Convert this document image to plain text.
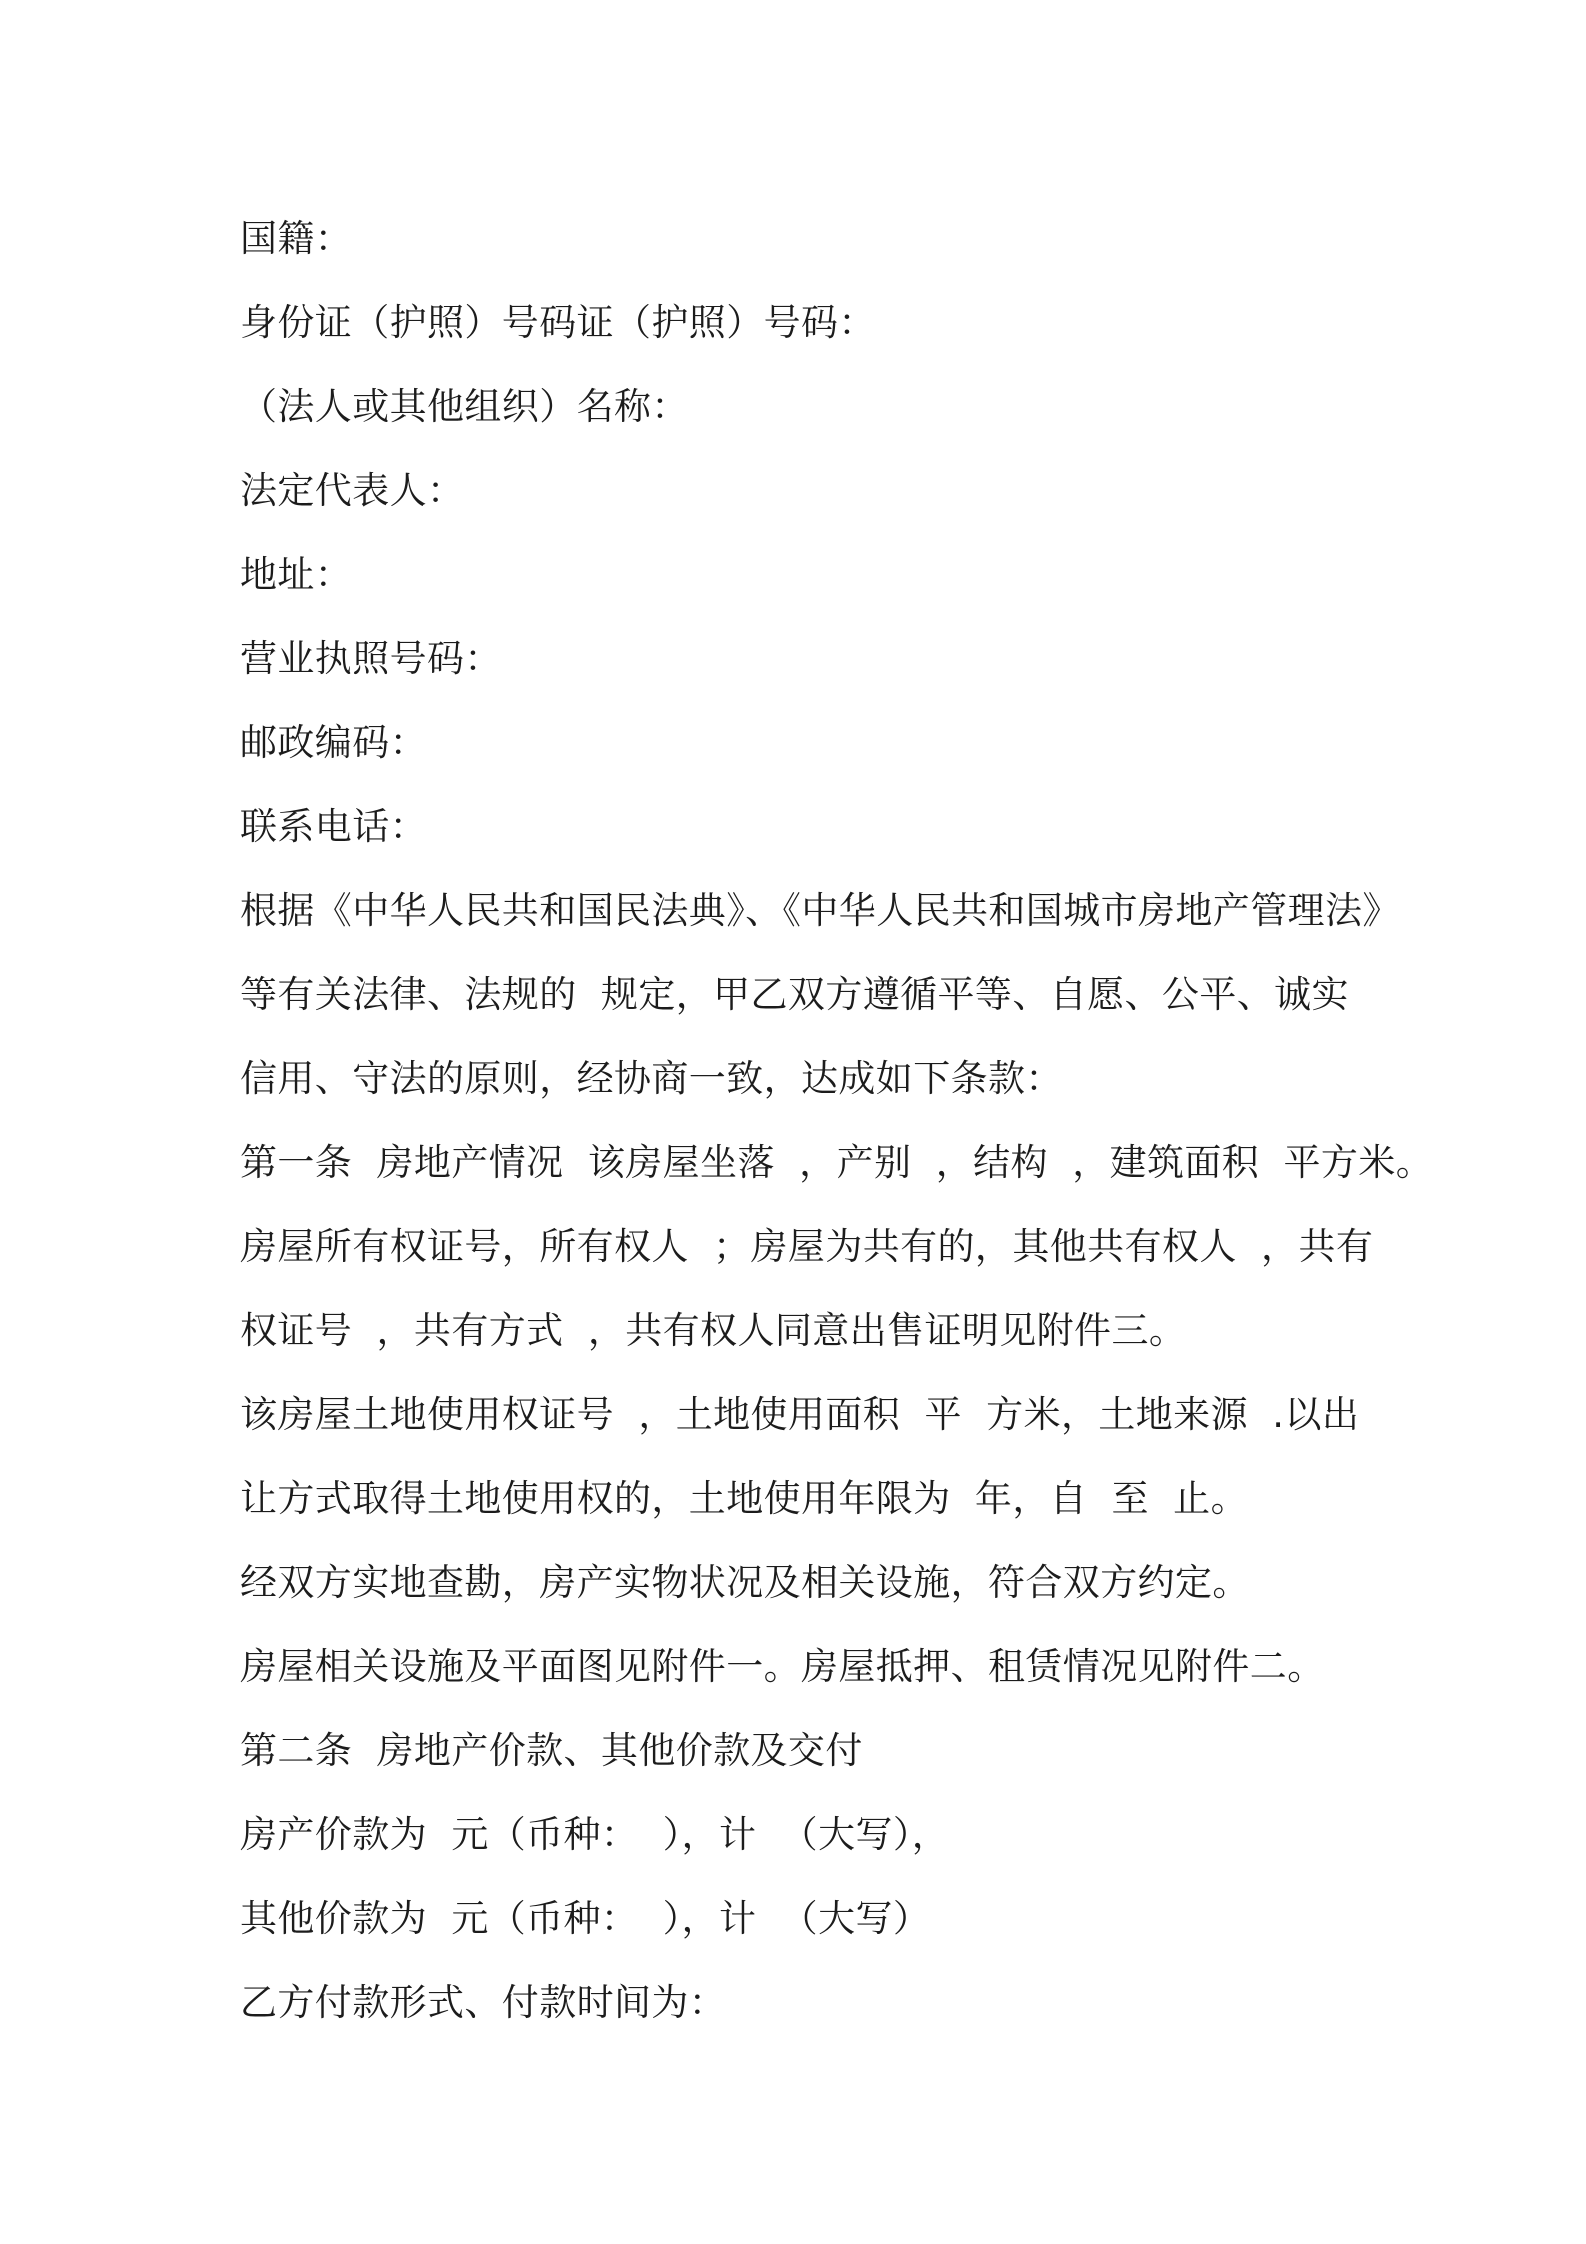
国籍：
身份证（护照）号码证（护照）号码：
（法人或其他组织）名称：
法定代表人：
地址：
营业执照号码：
邮政编码：
联系电话：
根据《中华人民共和国民法典》、《中华人民共和国城市房地产管理法》
等有关法律、法规的  规定，甲乙双方遵循平等、自愿、公平、诚实
信用、守法的原则，经协商一致，达成如下条款：
第一条  房地产情况  该房屋坐落  ，产别  ，结构  ，建筑面积  平方米。
房屋所有权证号，所有权人  ；房屋为共有的，其他共有权人  ，共有
权证号  ，共有方式  ，共有权人同意出售证明见附件三。
该房屋土地使用权证号  ，土地使用面积  平  方米，土地来源  .以出
让方式取得土地使用权的，土地使用年限为  年，自  至  止。
经双方实地查勘，房产实物状况及相关设施，符合双方约定。
房屋相关设施及平面图见附件一。房屋抵押、租赁情况见附件二。
第二条  房地产价款、其他价款及交付
房产价款为  元（币种：  ），计  （大写），
其他价款为  元（币种：  ），计  （大写）
乙方付款形式、付款时间为：
